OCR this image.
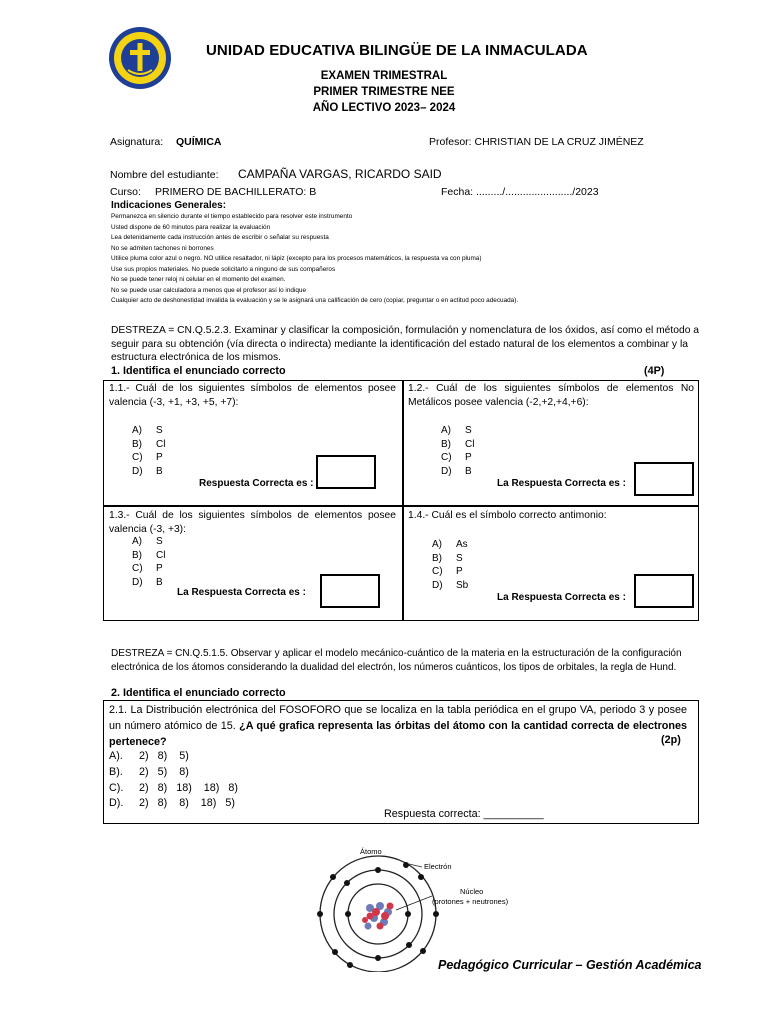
UNIDAD EDUCATIVA BILINGÜE DE LA INMACULADA
EXAMEN TRIMESTRAL
PRIMER TRIMESTRE NEE
AÑO LECTIVO 2023– 2024
Asignatura: QUÍMICA	Profesor: CHRISTIAN DE LA CRUZ JIMÉNEZ
Nombre del estudiante: CAMPAÑA VARGAS, RICARDO SAID
Curso: PRIMERO DE BACHILLERATO: B	Fecha: ........./......................./2023
Indicaciones Generales:
Permanezca en silencio durante el tiempo establecido para resolver este instrumento
Usted dispone de 60 minutos para realizar la evaluación
Lea detenidamente cada instrucción antes de escribir o señalar su respuesta
No se admiten tachones ni borrones
Utilice pluma color azul o negro. NO utilice resaltador, ni lápiz (excepto para los procesos matemáticos, la respuesta va con pluma)
Use sus propios materiales. No puede solicitarlo a ninguno de sus compañeros
No se puede tener reloj ni celular en el momento del examen.
No se puede usar calculadora a menos que el profesor así lo indique
Cualquier acto de deshonestidad invalida la evaluación y se le asignará una calificación de cero (copiar, preguntar o en actitud poco adecuada).
DESTREZA = CN.Q.5.2.3. Examinar y clasificar la composición, formulación y nomenclatura de los óxidos, así como el método a seguir para su obtención (vía directa o indirecta) mediante la identificación del estado natural de los elementos a combinar y la estructura electrónica de los mismos.
1. Identifica el enunciado correcto	(4P)
1.1.- Cuál de los siguientes símbolos de elementos posee valencia (-3, +1, +3, +5, +7):
A) S
B) Cl
C) P
D) B
Respuesta Correcta es :
1.2.- Cuál de los siguientes símbolos de elementos No Metálicos posee valencia (-2,+2,+4,+6):
A) S
B) Cl
C) P
D) B
La Respuesta Correcta es :
1.3.- Cuál de los siguientes símbolos de elementos posee valencia (-3, +3):
A) S
B) Cl
C) P
D) B
La Respuesta Correcta es :
1.4.- Cuál es el símbolo correcto antimonio:
A) As
B) S
C) P
D) Sb
La Respuesta Correcta es :
DESTREZA = CN.Q.5.1.5. Observar y aplicar el modelo mecánico-cuántico de la materia en la estructuración de la configuración electrónica de los átomos considerando la dualidad del electrón, los números cuánticos, los tipos de orbitales, la regla de Hund.
2. Identifica el enunciado correcto
2.1. La Distribución electrónica del FOSOFORO que se localiza en la tabla periódica en el grupo VA, periodo 3 y posee un número atómico de 15. ¿A qué grafica representa las órbitas del átomo con la cantidad correcta de electrones pertenece?	(2p)
A). 2)   8)    5)
B). 2)   5)    8)
C). 2)   8)   18)    18)   8)
D). 2)   8)    8)    18)   5)
Respuesta correcta: __________
Átomo
Electrón
Núcleo
(protones + neutrones)
Pedagógico Curricular – Gestión Académica
